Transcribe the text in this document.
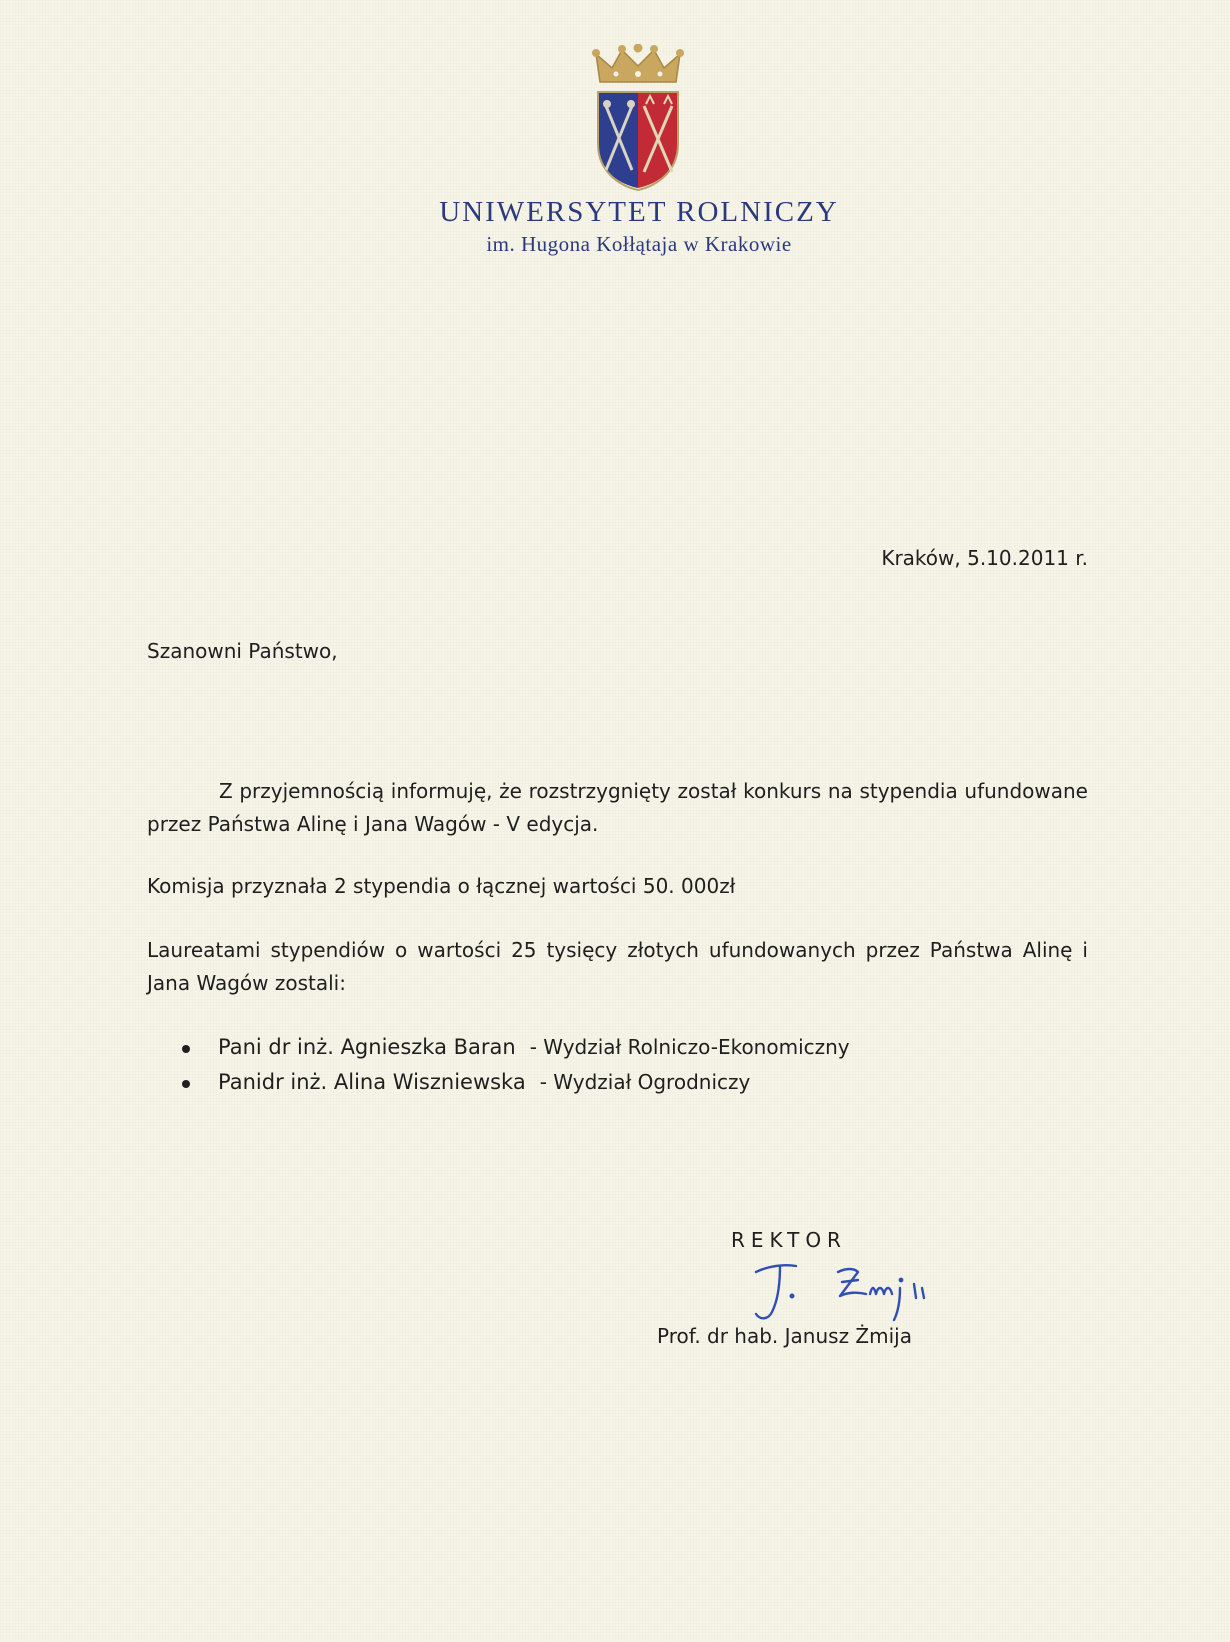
UNIWERSYTET ROLNICZY
im. Hugona Kołłątaja w Krakowie
Kraków, 5.10.2011 r.
Szanowni Państwo,
Z przyjemnością informuję, że rozstrzygnięty został konkurs na stypendia ufundowane przez Państwa Alinę i Jana Wagów - V edycja.
Komisja przyznała 2 stypendia o łącznej wartości 50. 000zł
Laureatami stypendiów o wartości 25 tysięcy złotych ufundowanych przez Państwa Alinę i Jana Wagów zostali:
Pani dr inż. Agnieszka Baran - Wydział Rolniczo-Ekonomiczny
Panidr inż. Alina Wiszniewska - Wydział Ogrodniczy
REKTOR
Prof. dr hab. Janusz Żmija
